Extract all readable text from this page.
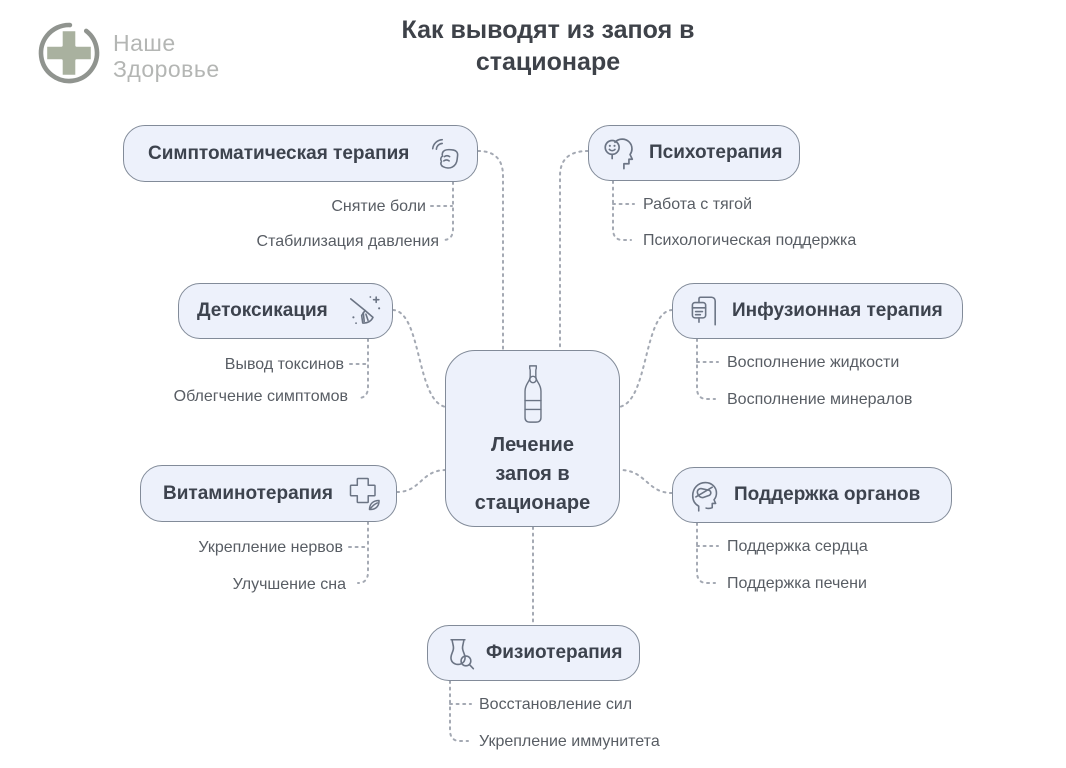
Наше
Здоровье
Как выводят из запоя в
стационаре
Лечение
запоя в
стационаре
Симптоматическая терапия
Снятие боли
Стабилизация давления
Психотерапия
Работа с тягой
Психологическая поддержка
Детоксикация
Вывод токсинов
Облегчение симптомов
Инфузионная терапия
Восполнение жидкости
Восполнение минералов
Витаминотерапия
Укрепление нервов
Улучшение сна
Поддержка органов
Поддержка сердца
Поддержка печени
Физиотерапия
Восстановление сил
Укрепление иммунитета
